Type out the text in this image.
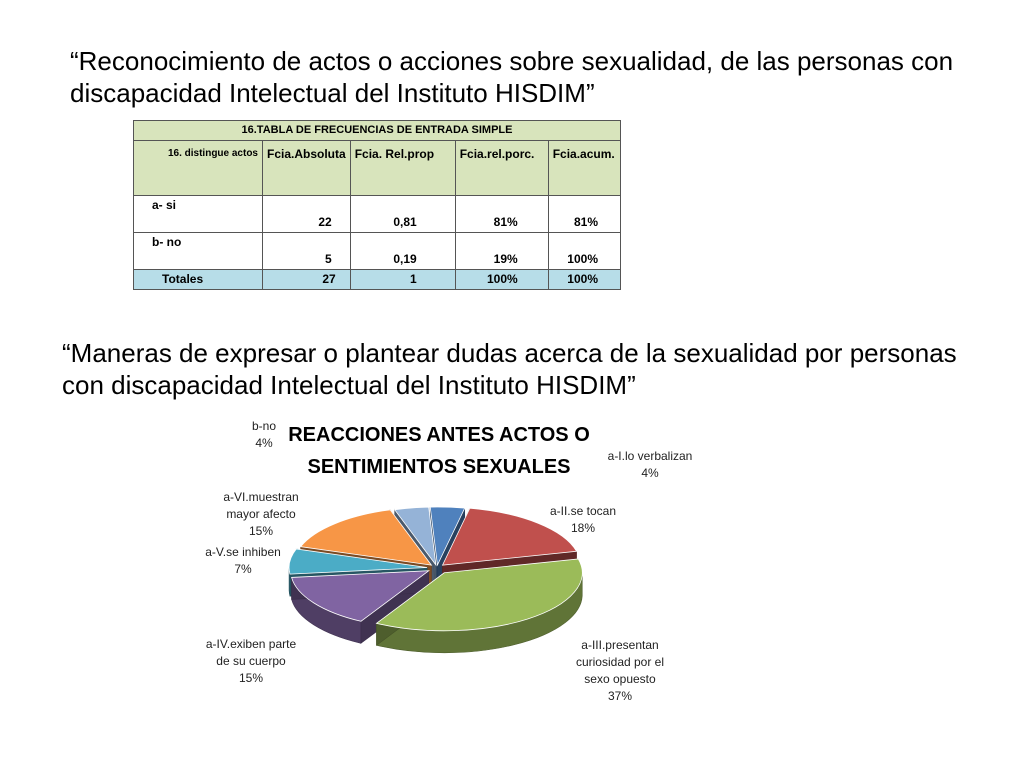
“Reconocimiento de actos o acciones sobre sexualidad, de las personas con discapacidad Intelectual del Instituto HISDIM”

16.TABLA DE FRECUENCIAS DE ENTRADA SIMPLE				
16. distingue actos	Fcia.Absoluta	Fcia. Rel.prop	Fcia.rel.porc.	Fcia.acum.
a- si	22	0,81	81%	81%
b- no	5	0,19	19%	100%
Totales	27	1	100%	100%

“Maneras de expresar o plantear dudas acerca de la sexualidad por personas con discapacidad Intelectual del Instituto HISDIM”

a-I.lo verbalizan 4%
a-II.se tocan 18%
a-III.presentan curiosidad por el sexo opuesto 37%
a-IV.exiben parte de su cuerpo 15%
a-V.se inhiben 7%
a-VI.muestran mayor afecto 15%
b-no 4% REACCIONES ANTES ACTOS O
SENTIMIENTOS SEXUALES
